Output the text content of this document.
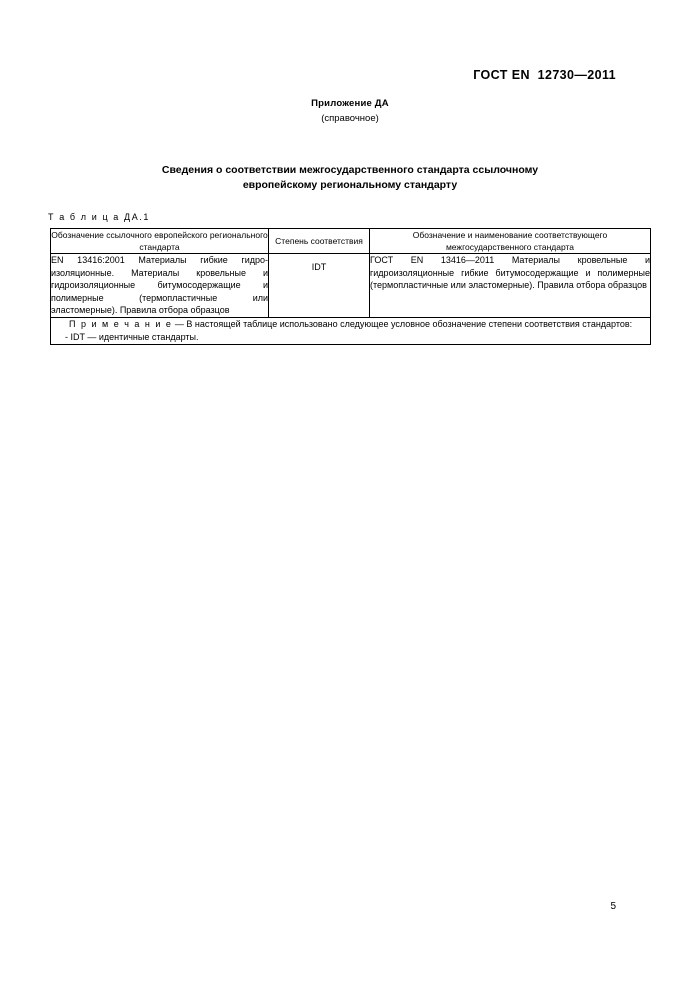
ГОСТ EN  12730—2011
Приложение ДА
(справочное)
Сведения о соответствии межгосударственного стандарта ссылочному
европейскому региональному стандарту
Т а б л и ц а ДА.1
Обозначение ссылочного европейского регионального стандарта	Степень соответствия	Обозначение и наименование соответствующего межгосударственного стандарта
EN 13416:2001 Материалы гибкие гидроизоляционные. Материалы кровельные и гидроизоляционные битумосодержащие и полимерные (термопластичные или эластомерные). Правила отбора образцов	IDT	ГОСТ EN 13416—2011 Материалы кровельные и гидроизоляционные гибкие битумосодержащие и полимерные (термопластичные или эластомерные). Правила отбора образцов

П р и м е ч а н и е — В настоящей таблице использовано следующее условное обозначение степени соответствия стандартов:
- IDT — идентичные стандарты.		
5
